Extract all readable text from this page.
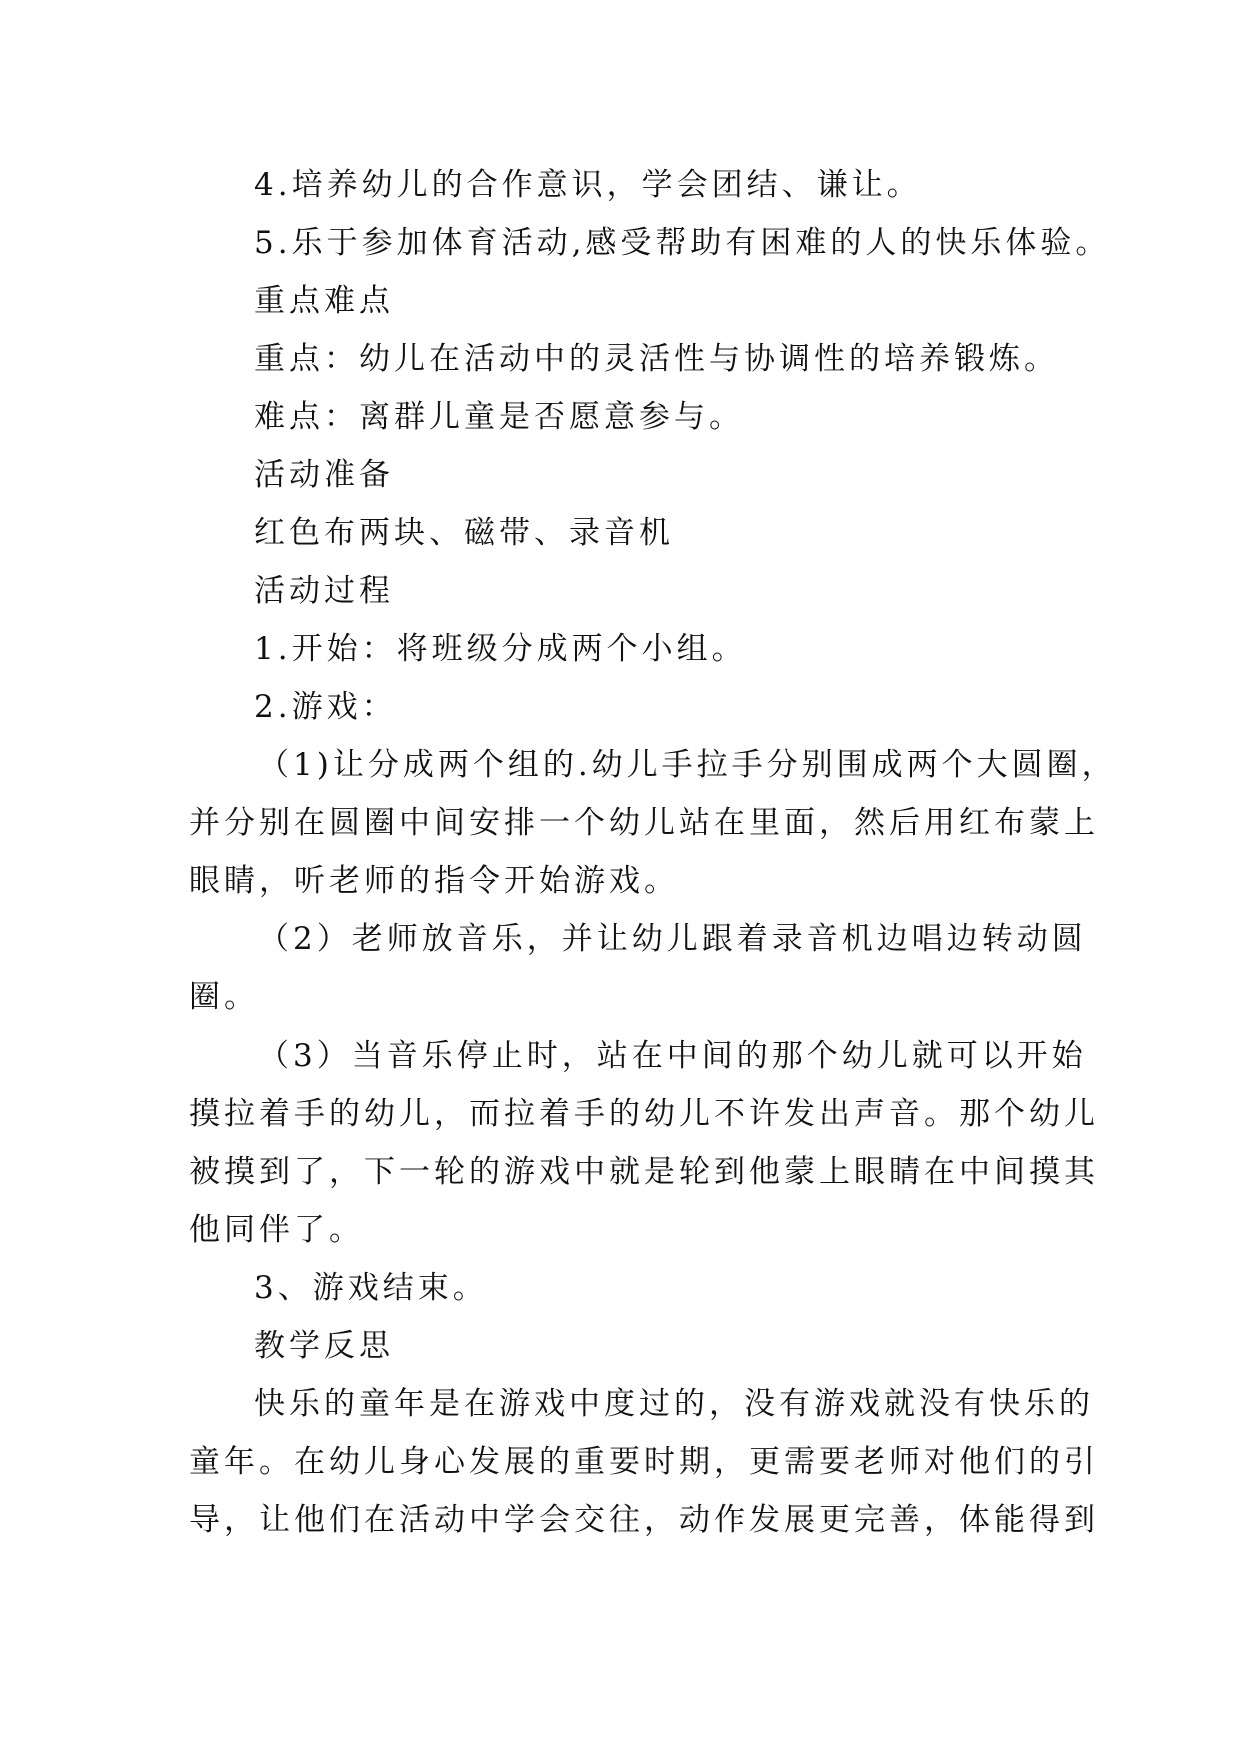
4.培养幼儿的合作意识，学会团结、谦让。

5.乐于参加体育活动,感受帮助有困难的人的快乐体验。

重点难点

重点：幼儿在活动中的灵活性与协调性的培养锻炼。

难点：离群儿童是否愿意参与。

活动准备

红色布两块、磁带、录音机

活动过程

1.开始：将班级分成两个小组。

2.游戏：

（1)让分成两个组的.幼儿手拉手分别围成两个大圆圈，

并分别在圆圈中间安排一个幼儿站在里面，然后用红布蒙上

眼睛，听老师的指令开始游戏。

（2）老师放音乐，并让幼儿跟着录音机边唱边转动圆

圈。

（3）当音乐停止时，站在中间的那个幼儿就可以开始

摸拉着手的幼儿，而拉着手的幼儿不许发出声音。那个幼儿

被摸到了，下一轮的游戏中就是轮到他蒙上眼睛在中间摸其

他同伴了。

3、游戏结束。

教学反思

快乐的童年是在游戏中度过的，没有游戏就没有快乐的

童年。在幼儿身心发展的重要时期，更需要老师对他们的引

导，让他们在活动中学会交往，动作发展更完善，体能得到
